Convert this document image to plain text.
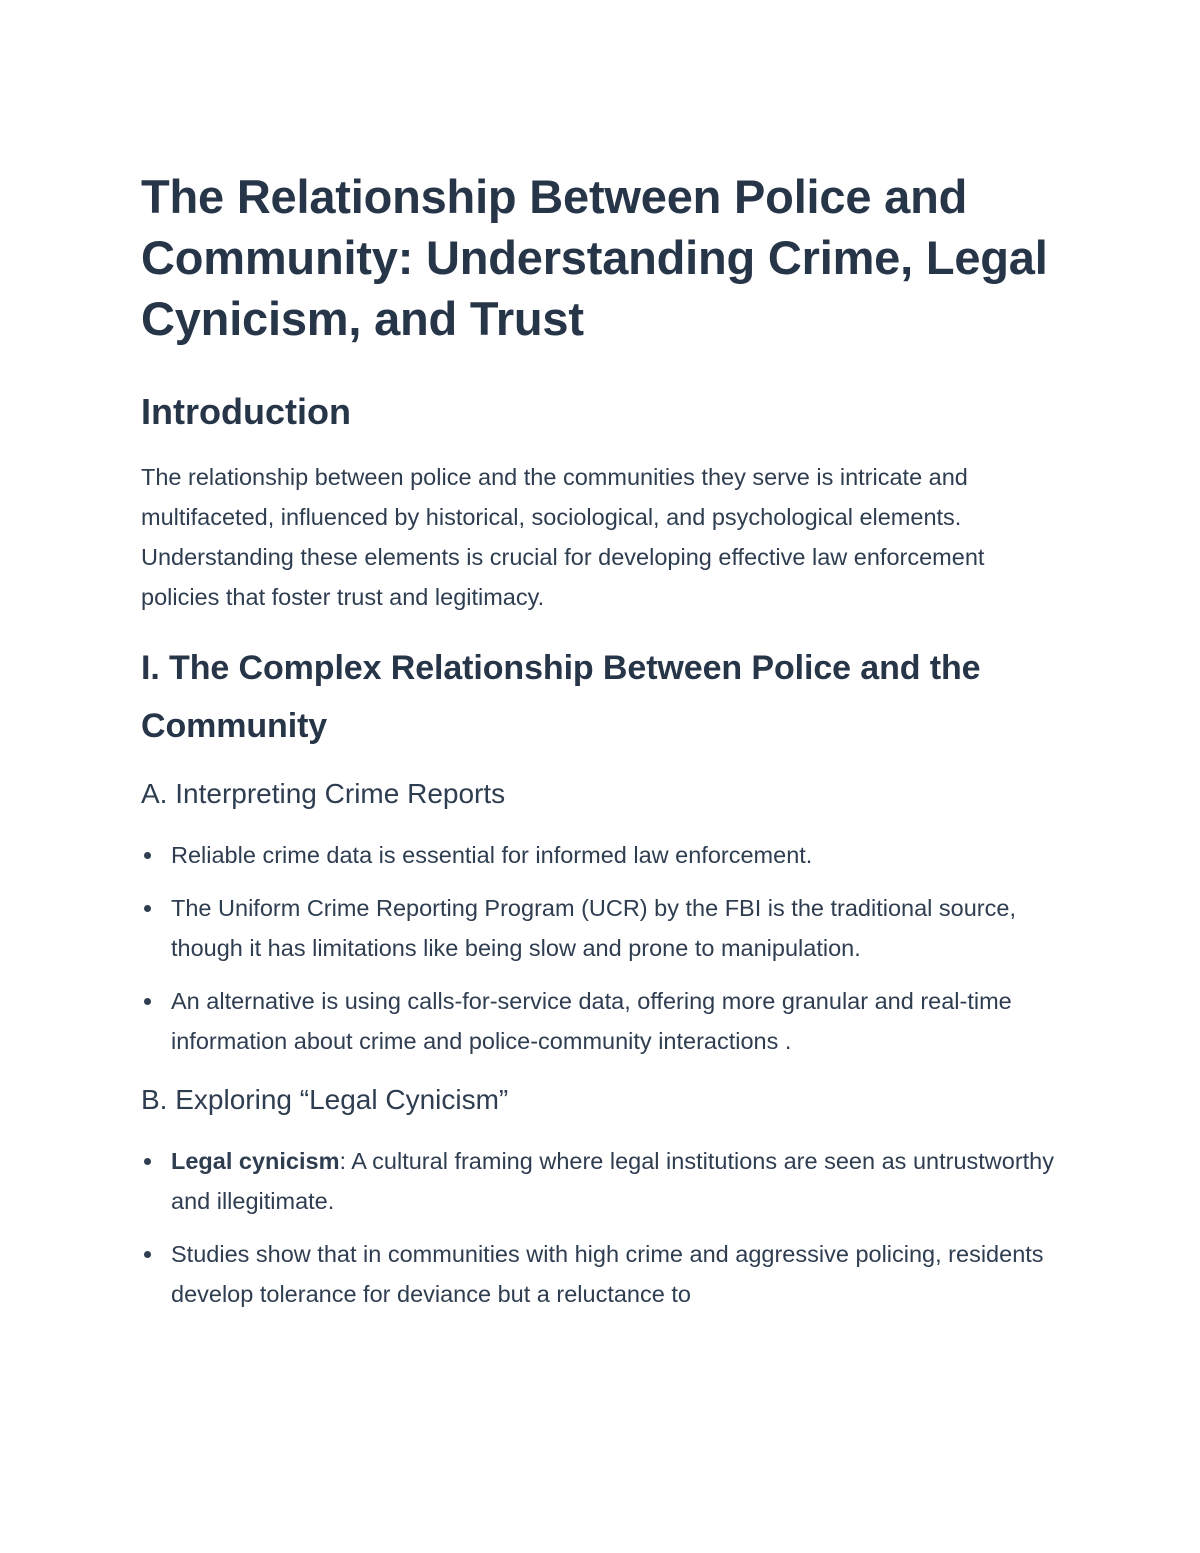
The Relationship Between Police and Community: Understanding Crime, Legal Cynicism, and Trust
Introduction

The relationship between police and the communities they serve is intricate and multifaceted, influenced by historical, sociological, and psychological elements. Understanding these elements is crucial for developing effective law enforcement policies that foster trust and legitimacy.

I. The Complex Relationship Between Police and the Community
A. Interpreting Crime Reports
Reliable crime data is essential for informed law enforcement.
The Uniform Crime Reporting Program (UCR) by the FBI is the traditional source, though it has limitations like being slow and prone to manipulation.
An alternative is using calls-for-service data, offering more granular and real-time information about crime and police-community interactions .
B. Exploring “Legal Cynicism”
Legal cynicism: A cultural framing where legal institutions are seen as untrustworthy and illegitimate.
Studies show that in communities with high crime and aggressive policing, residents develop tolerance for deviance but a reluctance to
